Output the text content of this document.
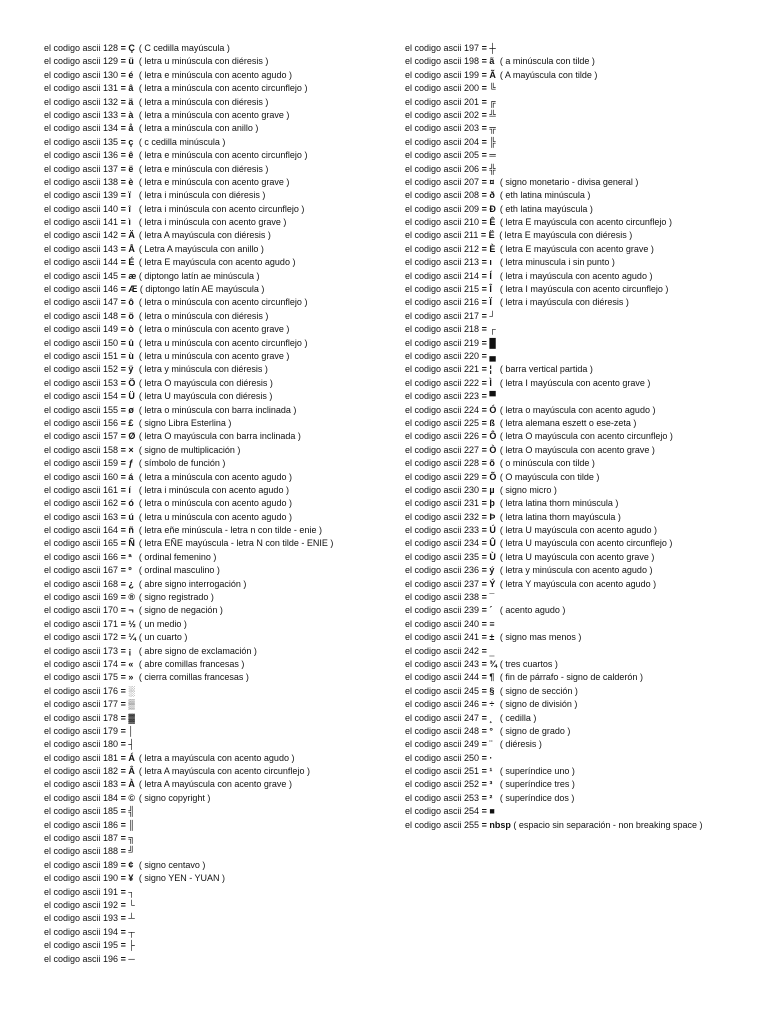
el codigo ascii 128 = Ç ( C cedilla mayúscula )
el codigo ascii 129 = ü ( letra u minúscula con diéresis )
el codigo ascii 130 = é ( letra e minúscula con acento agudo )
el codigo ascii 131 = â ( letra a minúscula con acento circunflejo )
el codigo ascii 132 = ä ( letra a minúscula con diéresis )
el codigo ascii 133 = à ( letra a minúscula con acento grave )
el codigo ascii 134 = å ( letra a minúscula con anillo )
el codigo ascii 135 = ç ( c cedilla minúscula )
el codigo ascii 136 = ê ( letra e minúscula con acento circunflejo )
el codigo ascii 137 = ë ( letra e minúscula con diéresis )
el codigo ascii 138 = è ( letra e minúscula con acento grave )
el codigo ascii 139 = ï ( letra i minúscula con diéresis )
el codigo ascii 140 = î ( letra i minúscula con acento circunflejo )
el codigo ascii 141 = ì ( letra i minúscula con acento grave )
el codigo ascii 142 = Ä ( letra A mayúscula con diéresis )
el codigo ascii 143 = Å ( Letra A mayúscula con anillo )
el codigo ascii 144 = É ( letra E mayúscula con acento agudo )
el codigo ascii 145 = æ ( diptongo latín ae minúscula )
el codigo ascii 146 = Æ ( diptongo latín AE mayúscula )
el codigo ascii 147 = ô ( letra o minúscula con acento circunflejo )
el codigo ascii 148 = ö ( letra o minúscula con diéresis )
el codigo ascii 149 = ò ( letra o minúscula con acento grave )
el codigo ascii 150 = û ( letra u minúscula con acento circunflejo )
el codigo ascii 151 = ù ( letra u minúscula con acento grave )
el codigo ascii 152 = ÿ ( letra y minúscula con diéresis )
el codigo ascii 153 = Ö ( letra O mayúscula con diéresis )
el codigo ascii 154 = Ü ( letra U mayúscula con diéresis )
el codigo ascii 155 = ø ( letra o minúscula con barra inclinada )
el codigo ascii 156 = £ ( signo Libra Esterlina )
el codigo ascii 157 = Ø ( letra O mayúscula con barra inclinada )
el codigo ascii 158 = × ( signo de multiplicación )
el codigo ascii 159 = ƒ ( símbolo de función )
el codigo ascii 160 = á ( letra a minúscula con acento agudo )
el codigo ascii 161 = í ( letra i minúscula con acento agudo )
el codigo ascii 162 = ó ( letra o minúscula con acento agudo )
el codigo ascii 163 = ú ( letra u minúscula con acento agudo )
el codigo ascii 164 = ñ ( letra eñe minúscula - letra n con tilde - enie )
el codigo ascii 165 = Ñ ( letra EÑE mayúscula - letra N con tilde - ENIE )
el codigo ascii 166 = ª ( ordinal femenino )
el codigo ascii 167 = º ( ordinal masculino )
el codigo ascii 168 = ¿ ( abre signo interrogación )
el codigo ascii 169 = ® ( signo registrado )
el codigo ascii 170 = ¬ ( signo de negación )
el codigo ascii 171 = ½ ( un medio )
el codigo ascii 172 = ¼ ( un cuarto )
el codigo ascii 173 = ¡ ( abre signo de exclamación )
el codigo ascii 174 = « ( abre comillas francesas )
el codigo ascii 175 = » ( cierra comillas francesas )
el codigo ascii 176 = ░
el codigo ascii 177 = ▒
el codigo ascii 178 = ▓
el codigo ascii 179 = │
el codigo ascii 180 = ┤
el codigo ascii 181 = Á ( letra a mayúscula con acento agudo )
el codigo ascii 182 = Â ( letra A mayúscula con acento circunflejo )
el codigo ascii 183 = À ( letra A mayúscula con acento grave )
el codigo ascii 184 = © ( signo copyright )
el codigo ascii 185 = ╣
el codigo ascii 186 = ║
el codigo ascii 187 = ╗
el codigo ascii 188 = ╝
el codigo ascii 189 = ¢ ( signo centavo )
el codigo ascii 190 = ¥ ( signo YEN - YUAN )
el codigo ascii 191 = ┐
el codigo ascii 192 = └
el codigo ascii 193 = ┴
el codigo ascii 194 = ┬
el codigo ascii 195 = ├
el codigo ascii 196 = ─
el codigo ascii 197 = ┼
el codigo ascii 198 = ã ( a minúscula con tilde )
el codigo ascii 199 = Ã ( A mayúscula con tilde )
el codigo ascii 200 = ╚
el codigo ascii 201 = ╔
el codigo ascii 202 = ╩
el codigo ascii 203 = ╦
el codigo ascii 204 = ╠
el codigo ascii 205 = ═
el codigo ascii 206 = ╬
el codigo ascii 207 = ¤ ( signo monetario - divisa general )
el codigo ascii 208 = ð ( eth latina minúscula )
el codigo ascii 209 = Ð ( eth latina mayúscula )
el codigo ascii 210 = Ê ( letra E mayúscula con acento circunflejo )
el codigo ascii 211 = Ë ( letra E mayúscula con diéresis )
el codigo ascii 212 = È ( letra E mayúscula con acento grave )
el codigo ascii 213 = ı ( letra minuscula i sin punto )
el codigo ascii 214 = Í ( letra i mayúscula con acento agudo )
el codigo ascii 215 = Î ( letra I mayúscula con acento circunflejo )
el codigo ascii 216 = Ï ( letra i mayúscula con diéresis )
el codigo ascii 217 = ┘
el codigo ascii 218 = ┌
el codigo ascii 219 = █
el codigo ascii 220 = ▄
el codigo ascii 221 = ¦ ( barra vertical partida )
el codigo ascii 222 = Ì ( letra I mayúscula con acento grave )
el codigo ascii 223 = ▀
el codigo ascii 224 = Ó ( letra o mayúscula con acento agudo )
el codigo ascii 225 = ß ( letra alemana eszett o ese-zeta )
el codigo ascii 226 = Ô ( letra O mayúscula con acento circunflejo )
el codigo ascii 227 = Ò ( letra O mayúscula con acento grave )
el codigo ascii 228 = õ ( o minúscula con tilde )
el codigo ascii 229 = Õ ( O mayúscula con tilde )
el codigo ascii 230 = µ ( signo micro )
el codigo ascii 231 = þ ( letra latina thorn minúscula )
el codigo ascii 232 = Þ ( letra latina thorn mayúscula )
el codigo ascii 233 = Ú ( letra U mayúscula con acento agudo )
el codigo ascii 234 = Û ( letra U mayúscula con acento circunflejo )
el codigo ascii 235 = Ù ( letra U mayúscula con acento grave )
el codigo ascii 236 = ý ( letra y minúscula con acento agudo )
el codigo ascii 237 = Ý ( letra Y mayúscula con acento agudo )
el codigo ascii 238 = ¯
el codigo ascii 239 = ´ ( acento agudo )
el codigo ascii 240 = ≡
el codigo ascii 241 = ± ( signo mas menos )
el codigo ascii 242 = ‗
el codigo ascii 243 = ¾ ( tres cuartos )
el codigo ascii 244 = ¶ ( fin de párrafo - signo de calderón )
el codigo ascii 245 = § ( signo de sección )
el codigo ascii 246 = ÷ ( signo de división )
el codigo ascii 247 = ¸ ( cedilla )
el codigo ascii 248 = ° ( signo de grado )
el codigo ascii 249 = ¨ ( diéresis )
el codigo ascii 250 = ·
el codigo ascii 251 = ¹ ( superíndice uno )
el codigo ascii 252 = ³ ( superíndice tres )
el codigo ascii 253 = ² ( superíndice dos )
el codigo ascii 254 = ■
el codigo ascii 255 = nbsp ( espacio sin separación - non breaking space )
